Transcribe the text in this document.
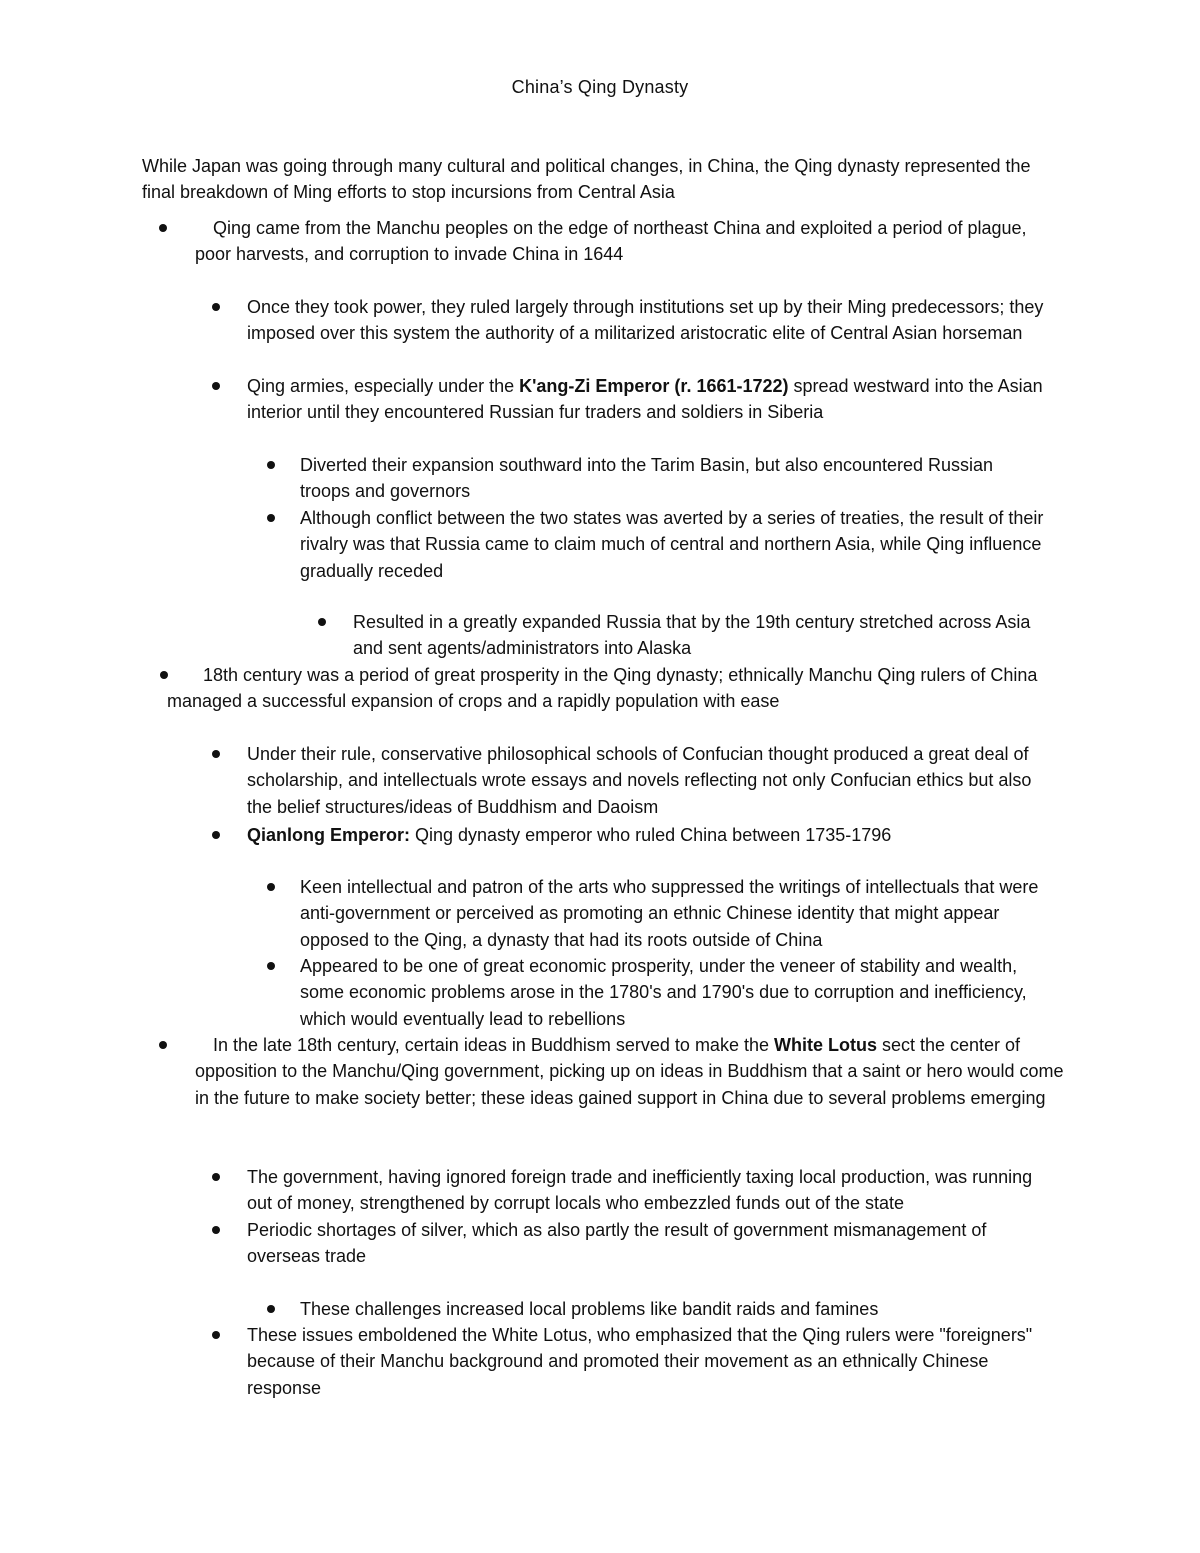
China’s Qing Dynasty
While Japan was going through many cultural and political changes, in China, the Qing dynasty represented the final breakdown of Ming efforts to stop incursions from Central Asia
Qing came from the Manchu peoples on the edge of northeast China and exploited a period of plague, poor harvests, and corruption to invade China in 1644
Once they took power, they ruled largely through institutions set up by their Ming predecessors; they imposed over this system the authority of a militarized aristocratic elite of Central Asian horseman
Qing armies, especially under the K'ang-Zi Emperor (r. 1661-1722) spread westward into the Asian interior until they encountered Russian fur traders and soldiers in Siberia
Diverted their expansion southward into the Tarim Basin, but also encountered Russian troops and governors
Although conflict between the two states was averted by a series of treaties, the result of their rivalry was that Russia came to claim much of central and northern Asia, while Qing influence gradually receded
Resulted in a greatly expanded Russia that by the 19th century stretched across Asia and sent agents/administrators into Alaska
18th century was a period of great prosperity in the Qing dynasty; ethnically Manchu Qing rulers of China managed a successful expansion of crops and a rapidly population with ease
Under their rule, conservative philosophical schools of Confucian thought produced a great deal of scholarship, and intellectuals wrote essays and novels reflecting not only Confucian ethics but also the belief structures/ideas of Buddhism and Daoism
Qianlong Emperor: Qing dynasty emperor who ruled China between 1735-1796
Keen intellectual and patron of the arts who suppressed the writings of intellectuals that were anti-government or perceived as promoting an ethnic Chinese identity that might appear opposed to the Qing, a dynasty that had its roots outside of China
Appeared to be one of great economic prosperity, under the veneer of stability and wealth, some economic problems arose in the 1780's and 1790's due to corruption and inefficiency, which would eventually lead to rebellions
In the late 18th century, certain ideas in Buddhism served to make the White Lotus sect the center of opposition to the Manchu/Qing government, picking up on ideas in Buddhism that a saint or hero would come in the future to make society better; these ideas gained support in China due to several problems emerging
The government, having ignored foreign trade and inefficiently taxing local production, was running out of money, strengthened by corrupt locals who embezzled funds out of the state
Periodic shortages of silver, which as also partly the result of government mismanagement of overseas trade
These challenges increased local problems like bandit raids and famines
These issues emboldened the White Lotus, who emphasized that the Qing rulers were "foreigners" because of their Manchu background and promoted their movement as an ethnically Chinese response
